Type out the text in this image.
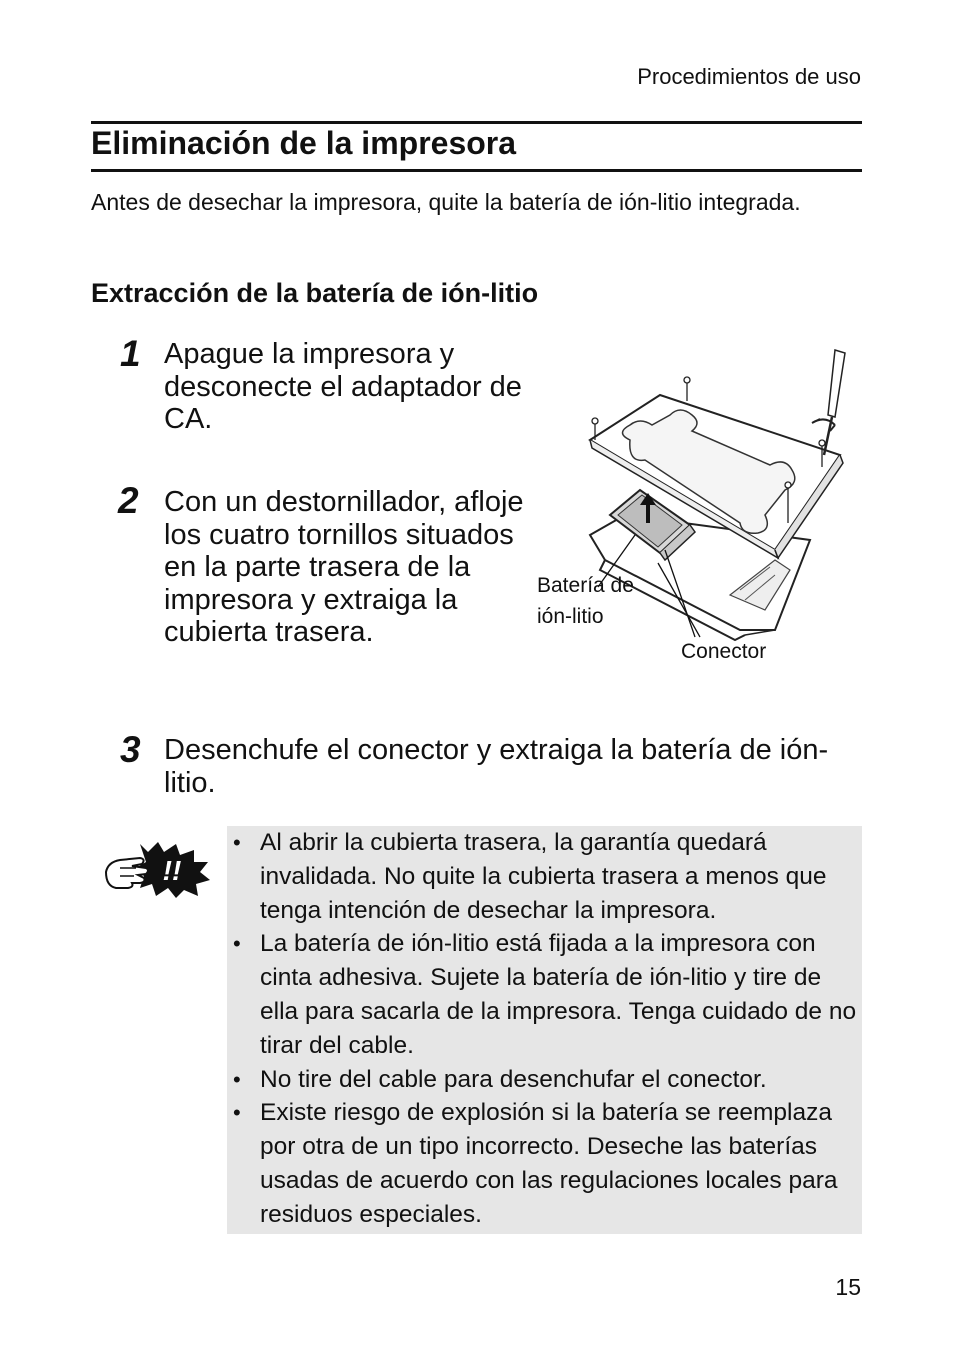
Procedimientos de uso
Eliminación de la impresora
Antes de desechar la impresora, quite la batería de ión-litio integrada.
Extracción de la batería de ión-litio
1 Apague la impresora y desconecte el adaptador de CA.
2 Con un destornillador, afloje los cuatro tornillos situados en la parte trasera de la impresora y extraiga la cubierta trasera.
Batería de
ión-litio
Conector
3 Desenchufe el conector y extraiga la batería de ión-litio.
!!
• Al abrir la cubierta trasera, la garantía quedará invalidada. No quite la cubierta trasera a menos que tenga intención de desechar la impresora.
• La batería de ión-litio está fijada a la impresora con cinta adhesiva. Sujete la batería de ión-litio y tire de ella para sacarla de la impresora. Tenga cuidado de no tirar del cable.
• No tire del cable para desenchufar el conector.
• Existe riesgo de explosión si la batería se reemplaza por otra de un tipo incorrecto. Deseche las baterías usadas de acuerdo con las regulaciones locales para residuos especiales.
15
